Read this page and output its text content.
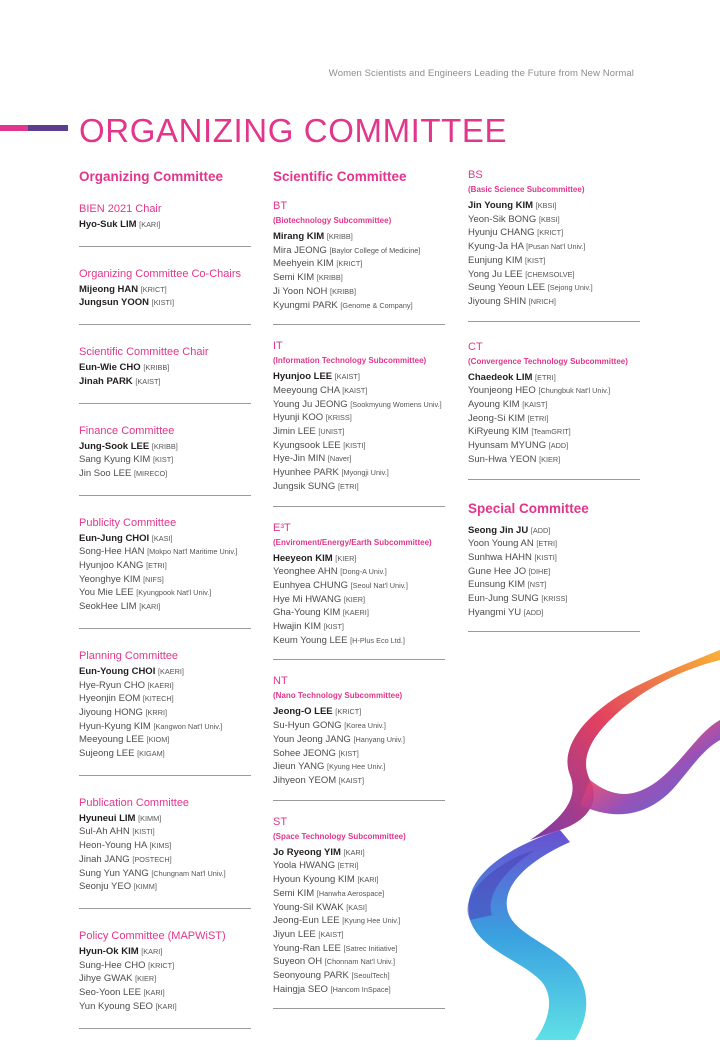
Women Scientists and Engineers Leading the Future from New Normal
ORGANIZING COMMITTEE
Organizing Committee
BIEN 2021 Chair
Hyo-Suk LIM [KARI]
Organizing Committee Co-Chairs
Mijeong HAN [KRICT]
Jungsun YOON [KISTI]
Scientific Committee Chair
Eun-Wie CHO [KRIBB]
Jinah PARK [KAIST]
Finance Committee
Jung-Sook LEE [KRIBB]
Sang Kyung KIM [KIST]
Jin Soo LEE [MIRECO]
Publicity Committee
Eun-Jung CHOI [KASI]
Song-Hee HAN [Mokpo Nat'l Maritime Univ.]
Hyunjoo KANG [ETRI]
Yeonghye KIM [NIFS]
You Mie LEE [Kyungpook Nat'l Univ.]
SeokHee LIM [KARI]
Planning Committee
Eun-Young CHOI [KAERI]
Hye-Ryun CHO [KAERI]
Hyeonjin EOM [KITECH]
Jiyoung HONG [KRRI]
Hyun-Kyung KIM [Kangwon Nat'l Univ.]
Meeyoung LEE [KIOM]
Sujeong LEE [KIGAM]
Publication Committee
Hyuneui LIM [KIMM]
Sul-Ah AHN [KISTI]
Heon-Young HA [KIMS]
Jinah JANG [POSTECH]
Sung Yun YANG [Chungnam Nat'l Univ.]
Seonju YEO [KIMM]
Policy Committee (MAPWiST)
Hyun-Ok KIM [KARI]
Sung-Hee CHO [KRICT]
Jihye GWAK [KIER]
Seo-Yoon LEE [KARI]
Yun Kyoung SEO [KARI]
Scientific Committee
BT
(Biotechnology Subcommittee)
Mirang KIM [KRIBB]
Mira JEONG [Baylor College of Medicine]
Meehyein KIM [KRICT]
Semi KIM [KRIBB]
Ji Yoon NOH [KRIBB]
Kyungmi PARK [Genome & Company]
IT
(Information Technology Subcommittee)
Hyunjoo LEE [KAIST]
Meeyoung CHA [KAIST]
Young Ju JEONG [Sookmyung Womens Univ.]
Hyunji KOO [KRISS]
Jimin LEE [UNIST]
Kyungsook LEE [KISTI]
Hye-Jin MIN [Naver]
Hyunhee PARK [Myongji Univ.]
Jungsik SUNG [ETRI]
E³T
(Enviroment/Energy/Earth Subcommittee)
Heeyeon KIM [KIER]
Yeonghee AHN [Dong-A Univ.]
Eunhyea CHUNG [Seoul Nat'l Univ.]
Hye Mi HWANG [KIER]
Gha-Young KIM [KAERI]
Hwajin KIM [KIST]
Keum Young LEE [H-Plus Eco Ltd.]
NT
(Nano Technology Subcommittee)
Jeong-O LEE [KRICT]
Su-Hyun GONG [Korea Univ.]
Youn Jeong JANG [Hanyang Univ.]
Sohee JEONG [KIST]
Jieun YANG [Kyung Hee Univ.]
Jihyeon YEOM [KAIST]
ST
(Space Technology Subcommittee)
Jo Ryeong YIM [KARI]
Yoola HWANG [ETRI]
Hyoun Kyoung KIM [KARI]
Semi KIM [Hanwha Aerospace]
Young-Sil KWAK [KASI]
Jeong-Eun LEE [Kyung Hee Univ.]
Jiyun LEE [KAIST]
Young-Ran LEE [Satrec Initiative]
Suyeon OH [Chonnam Nat'l Univ.]
Seonyoung PARK [SeoulTech]
Haingja SEO [Hancom InSpace]
BS
(Basic Science Subcommittee)
Jin Young KIM [KBSI]
Yeon-Sik BONG [KBSI]
Hyunju CHANG [KRICT]
Kyung-Ja HA [Pusan Nat'l Univ.]
Eunjung KIM [KIST]
Yong Ju LEE [CHEMSOLVE]
Seung Yeoun LEE [Sejong Univ.]
Jiyoung SHIN [NRICH]
CT
(Convergence Technology Subcommittee)
Chaedeok LIM [ETRI]
Younjeong HEO [Chungbuk Nat'l Univ.]
Ayoung KIM [KAIST]
Jeong-Si KIM [ETRI]
KiRyeung KIM [TeamGRIT]
Hyunsam MYUNG [ADD]
Sun-Hwa YEON [KIER]
Special Committee
Seong Jin JU [ADD]
Yoon Young AN [ETRI]
Sunhwa HAHN [KISTI]
Gune Hee JO [DIHE]
Eunsung KIM [NST]
Eun-Jung SUNG [KRISS]
Hyangmi YU [ADD]
